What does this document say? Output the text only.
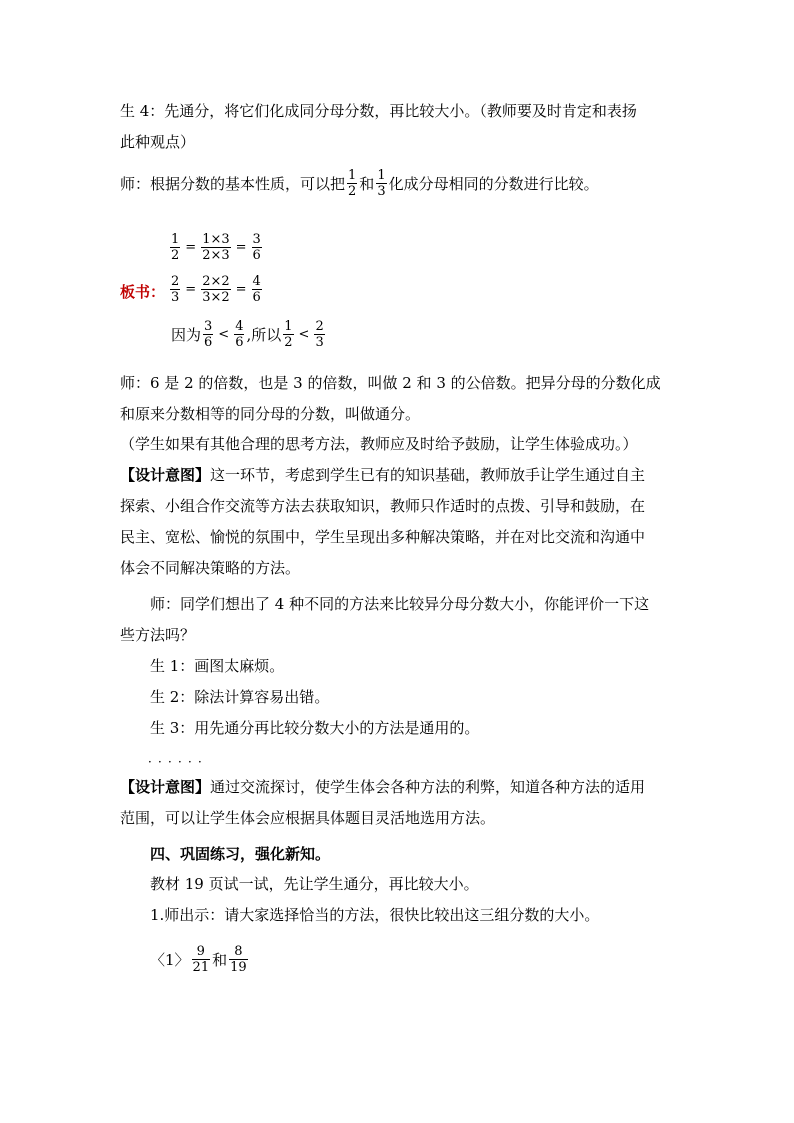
生 4：先通分，将它们化成同分母分数，再比较大小。（教师要及时肯定和表扬
此种观点）
师：根据分数的基本性质，可以把 $\frac{1}{2}$ 和 $\frac{1}{3}$ 化成分母相同的分数进行比较。
板书：
$\frac{1}{2} = \frac{1\times 3}{2\times 3} = \frac{3}{6}$
$\frac{2}{3} = \frac{2\times 2}{3\times 2} = \frac{4}{6}$
因为 $\frac{3}{6} < \frac{4}{6}$ ,所以 $\frac{1}{2} < \frac{2}{3}$
师：6 是 2 的倍数，也是 3 的倍数，叫做 2 和 3 的公倍数。把异分母的分数化成
和原来分数相等的同分母的分数，叫做通分。
（学生如果有其他合理的思考方法，教师应及时给予鼓励，让学生体验成功。）
【设计意图】这一环节，考虑到学生已有的知识基础，教师放手让学生通过自主
探索、小组合作交流等方法去获取知识，教师只作适时的点拨、引导和鼓励，在
民主、宽松、愉悦的氛围中，学生呈现出多种解决策略，并在对比交流和沟通中
体会不同解决策略的方法。
师：同学们想出了 4 种不同的方法来比较异分母分数大小，你能评价一下这
些方法吗？
生 1：画图太麻烦。
生 2：除法计算容易出错。
生 3：用先通分再比较分数大小的方法是通用的。
．．．．．．
【设计意图】通过交流探讨，使学生体会各种方法的利弊，知道各种方法的适用
范围，可以让学生体会应根据具体题目灵活地选用方法。
四、巩固练习，强化新知。
教材 19 页试一试，先让学生通分，再比较大小。
1.师出示：请大家选择恰当的方法，很快比较出这三组分数的大小。
〈1〉 $\frac{9}{21}$ 和 $\frac{8}{19}$
